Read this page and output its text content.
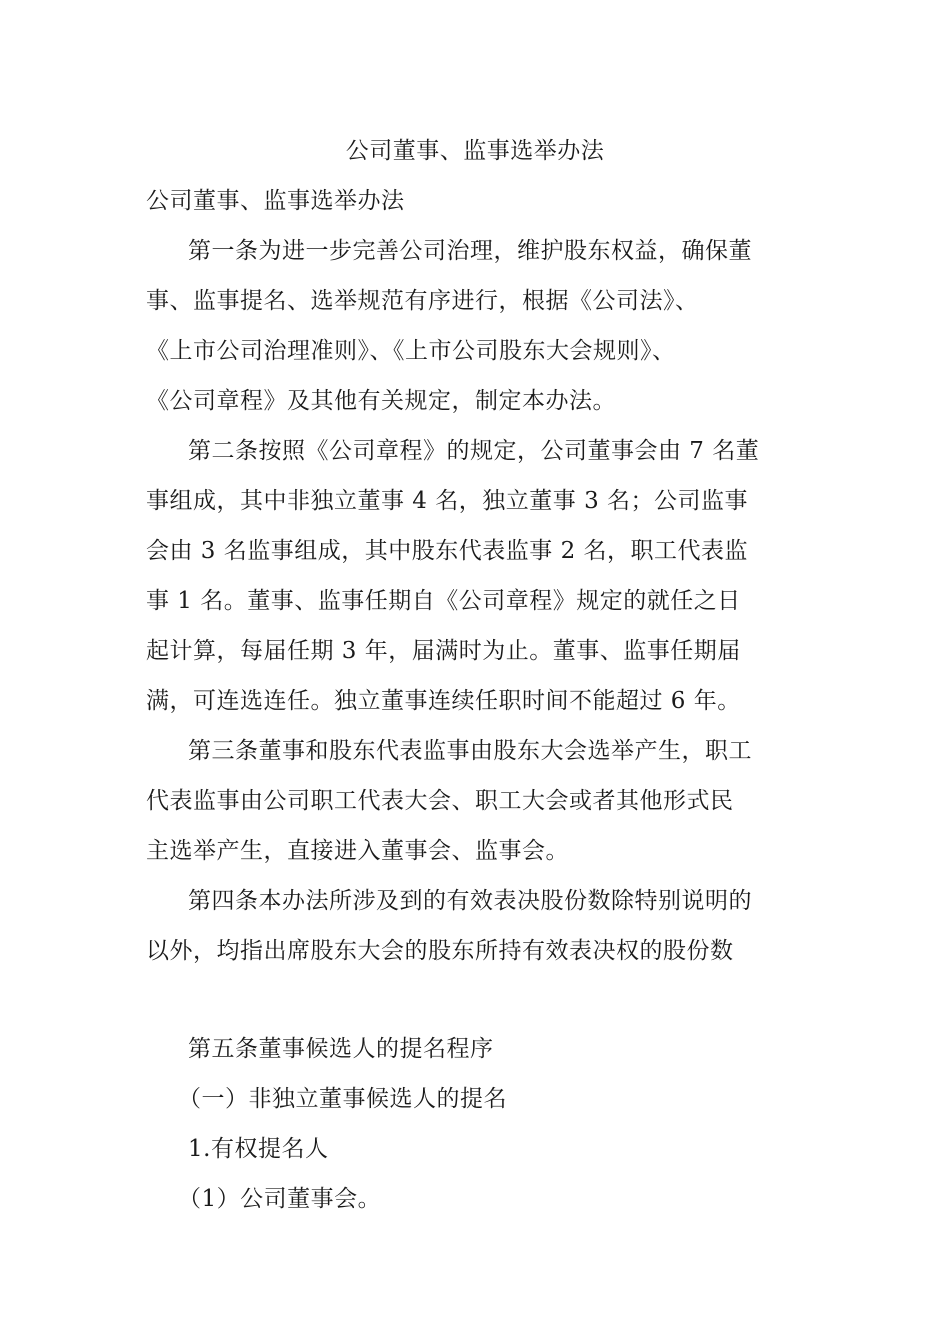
公司董事、监事选举办法
公司董事、监事选举办法
第一条为进一步完善公司治理，维护股东权益，确保董
事、监事提名、选举规范有序进行，根据《公司法》、
《上市公司治理准则》、《上市公司股东大会规则》、
《公司章程》及其他有关规定，制定本办法。
第二条按照《公司章程》的规定，公司董事会由 7 名董
事组成，其中非独立董事 4 名，独立董事 3 名；公司监事
会由 3 名监事组成，其中股东代表监事 2 名，职工代表监
事 1 名。董事、监事任期自《公司章程》规定的就任之日
起计算，每届任期 3 年，届满时为止。董事、监事任期届
满，可连选连任。独立董事连续任职时间不能超过 6 年。
第三条董事和股东代表监事由股东大会选举产生，职工
代表监事由公司职工代表大会、职工大会或者其他形式民
主选举产生，直接进入董事会、监事会。
第四条本办法所涉及到的有效表决股份数除特别说明的
以外，均指出席股东大会的股东所持有效表决权的股份数
第五条董事候选人的提名程序
（一）非独立董事候选人的提名
1.有权提名人
（1）公司董事会。
